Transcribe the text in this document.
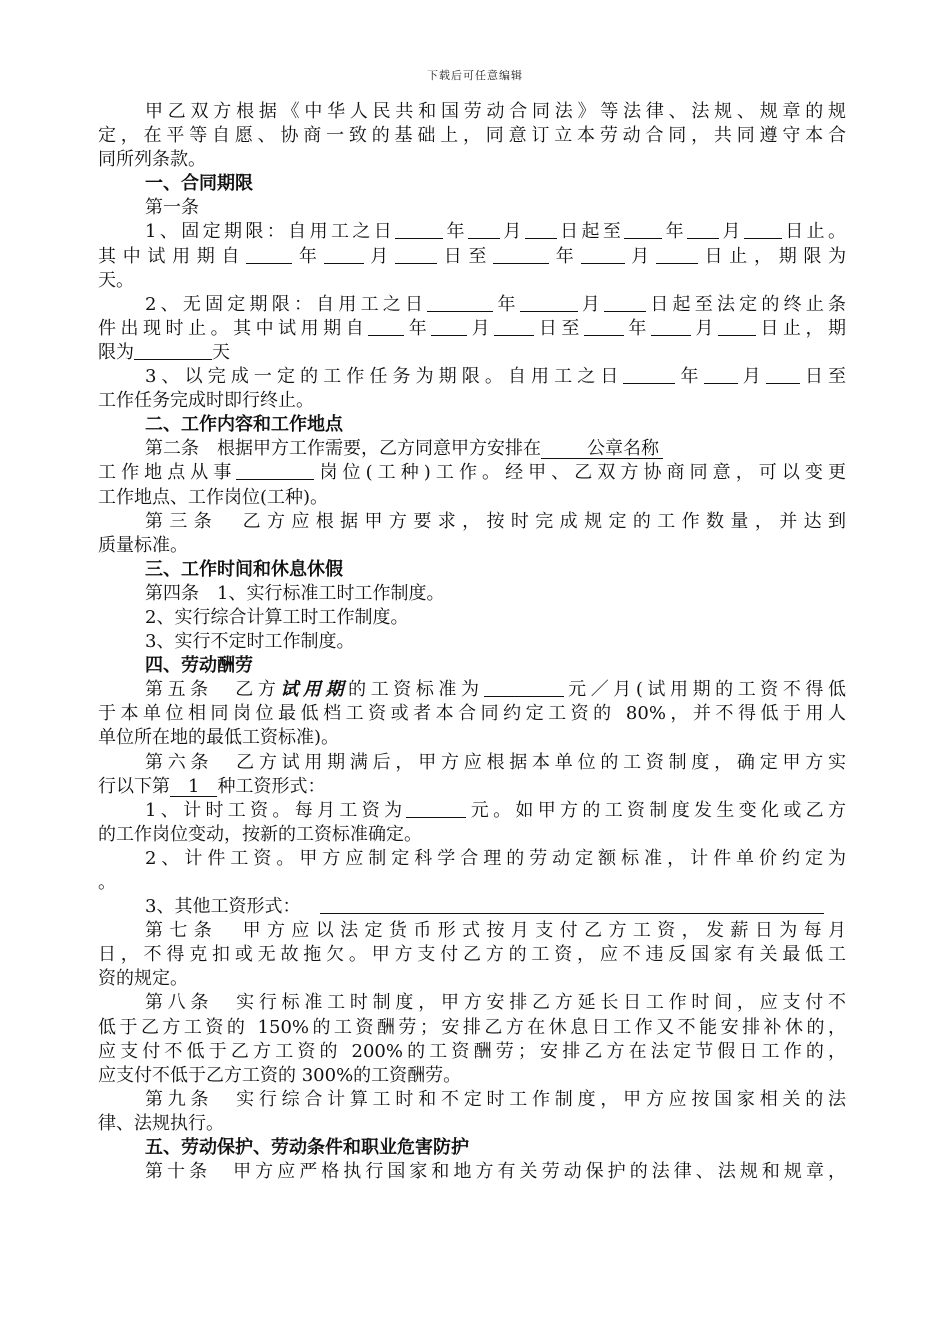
下载后可任意编辑
甲乙双方根据《中华人民共和国劳动合同法》等法律、法规、规章的规
定，在平等自愿、协商一致的基础上，同意订立本劳动合同，共同遵守本合
同所列条款。
一、合同期限
第一条
1、固定期限：自用工之日	年 月 日起至 年 月 日止。
其中试用期自	年 月 日至	年 月 日止，期限为
天。
2、无固定期限：自用工之日	年	月 日起至法定的终止条
件出现时止。其中试用期自 年 月 日至 年 月 日止，期
限为	天
3、以完成一定的工作任务为期限。自用工之日	年 月 日至
工作任务完成时即行终止。
二、工作内容和工作地点
第二条　根据甲方工作需要，乙方同意甲方安排在	公章名称
工作地点从事	岗位(工种)工作。经甲、乙双方协商同意，可以变更
工作地点、工作岗位(工种)。
第三条　乙方应根据甲方要求，按时完成规定的工作数量，并达到
质量标准。
三、工作时间和休息休假
第四条　1、实行标准工时工作制度。
2、实行综合计算工时工作制度。
3、实行不定时工作制度。
四、劳动酬劳
第五条　乙方试用期的工资标准为	元／月(试用期的工资不得低
于本单位相同岗位最低档工资或者本合同约定工资的 80%，并不得低于用人
单位所在地的最低工资标准)。
第六条　乙方试用期满后，甲方应根据本单位的工资制度，确定甲方实
行以下第 1 种工资形式：
1、计时工资。每月工资为	元。如甲方的工资制度发生变化或乙方
的工作岗位变动，按新的工资标准确定。
2、计件工资。甲方应制定科学合理的劳动定额标准，计件单价约定为
。
3、其他工资形式：
第七条　甲方应以法定货币形式按月支付乙方工资，发薪日为每月
日，不得克扣或无故拖欠。甲方支付乙方的工资，应不违反国家有关最低工
资的规定。
第八条　实行标准工时制度，甲方安排乙方延长日工作时间，应支付不
低于乙方工资的 150%的工资酬劳；安排乙方在休息日工作又不能安排补休的，
应支付不低于乙方工资的 200%的工资酬劳；安排乙方在法定节假日工作的，
应支付不低于乙方工资的 300%的工资酬劳。
第九条　实行综合计算工时和不定时工作制度，甲方应按国家相关的法
律、法规执行。
五、劳动保护、劳动条件和职业危害防护
第十条　甲方应严格执行国家和地方有关劳动保护的法律、法规和规章，
